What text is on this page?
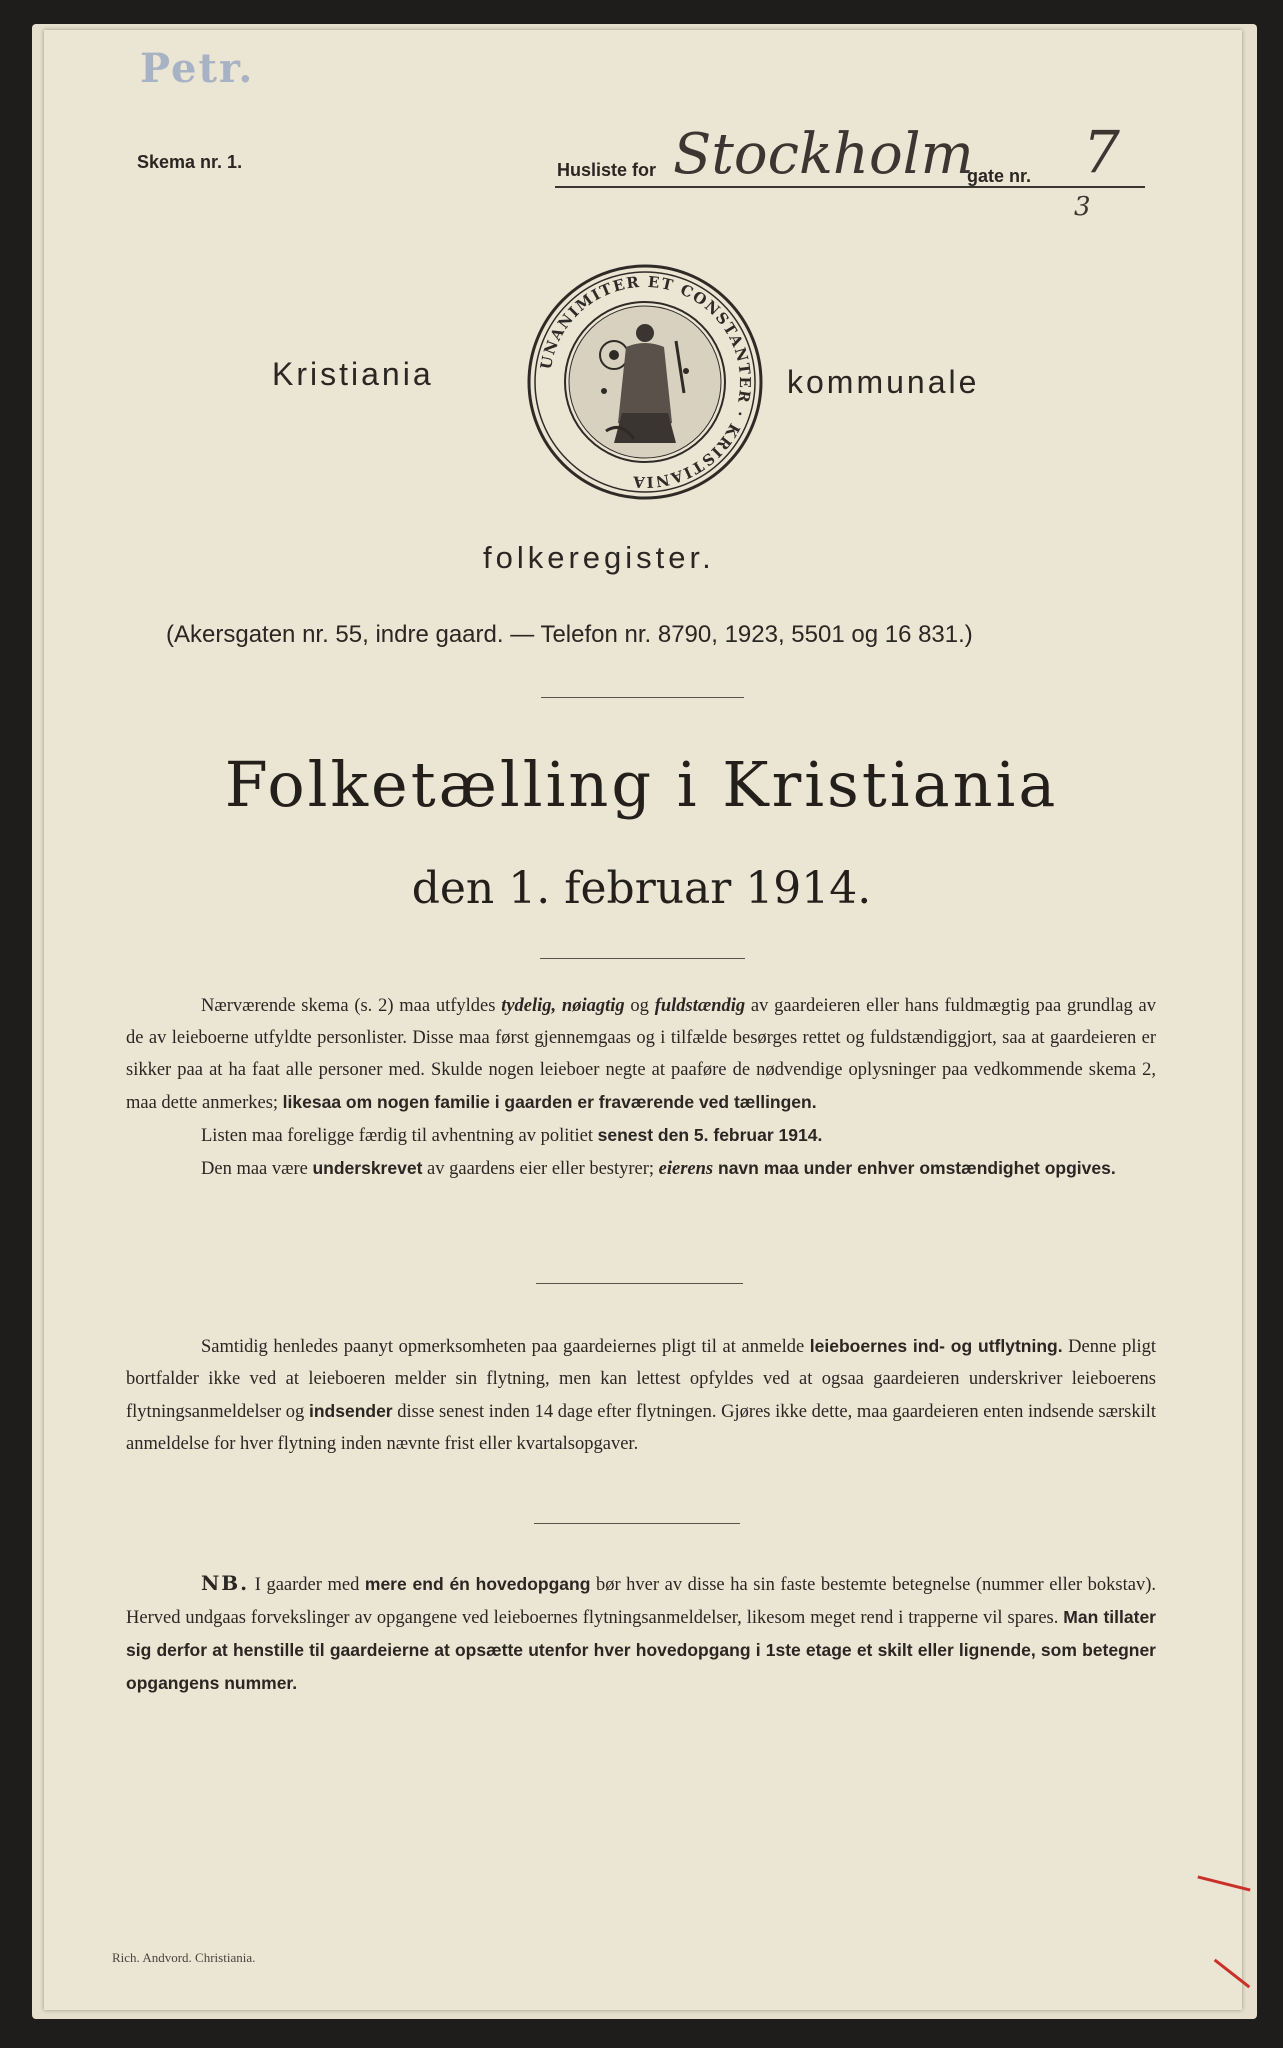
Petr.
Skema nr. 1.	Husliste for Stockholm
gate nr. 7
3
Kristiania	UNANIMITER ET CONSTANTER · KRISTIANIA
kommunale
folkeregister.
(Akersgaten nr. 55, indre gaard. — Telefon nr. 8790, 1923, 5501 og 16 831.)
Folketælling i Kristiania
den 1. februar 1914.

Nærværende skema (s. 2) maa utfyldes tydelig, nøiagtig og fuldstændig av gaardeieren eller hans fuldmægtig paa grundlag av de av leieboerne utfyldte personlister. Disse maa først gjennemgaas og i tilfælde besørges rettet og fuldstændiggjort, saa at gaardeieren er sikker paa at ha faat alle personer med. Skulde nogen leieboer negte at paaføre de nødvendige oplysninger paa vedkommende skema 2, maa dette anmerkes; likesaa om nogen familie i gaarden er fraværende ved tællingen.

Listen maa foreligge færdig til avhentning av politiet senest den 5. februar 1914.

Den maa være underskrevet av gaardens eier eller bestyrer; eierens navn maa under enhver omstændighet opgives.

Samtidig henledes paanyt opmerksomheten paa gaardeiernes pligt til at anmelde leieboernes ind- og utflytning. Denne pligt bortfalder ikke ved at leieboeren melder sin flytning, men kan lettest opfyldes ved at ogsaa gaardeieren underskriver leieboerens flytningsanmeldelser og indsender disse senest inden 14 dage efter flytningen. Gjøres ikke dette, maa gaardeieren enten indsende særskilt anmeldelse for hver flytning inden nævnte frist eller kvartalsopgaver.

NB. I gaarder med mere end én hovedopgang bør hver av disse ha sin faste bestemte betegnelse (nummer eller bokstav). Herved undgaas forvekslinger av opgangene ved leieboernes flytningsanmeldelser, likesom meget rend i trapperne vil spares. Man tillater sig derfor at henstille til gaardeierne at opsætte utenfor hver hovedopgang i 1ste etage et skilt eller lignende, som betegner opgangens nummer.

Rich. Andvord. Christiania.
